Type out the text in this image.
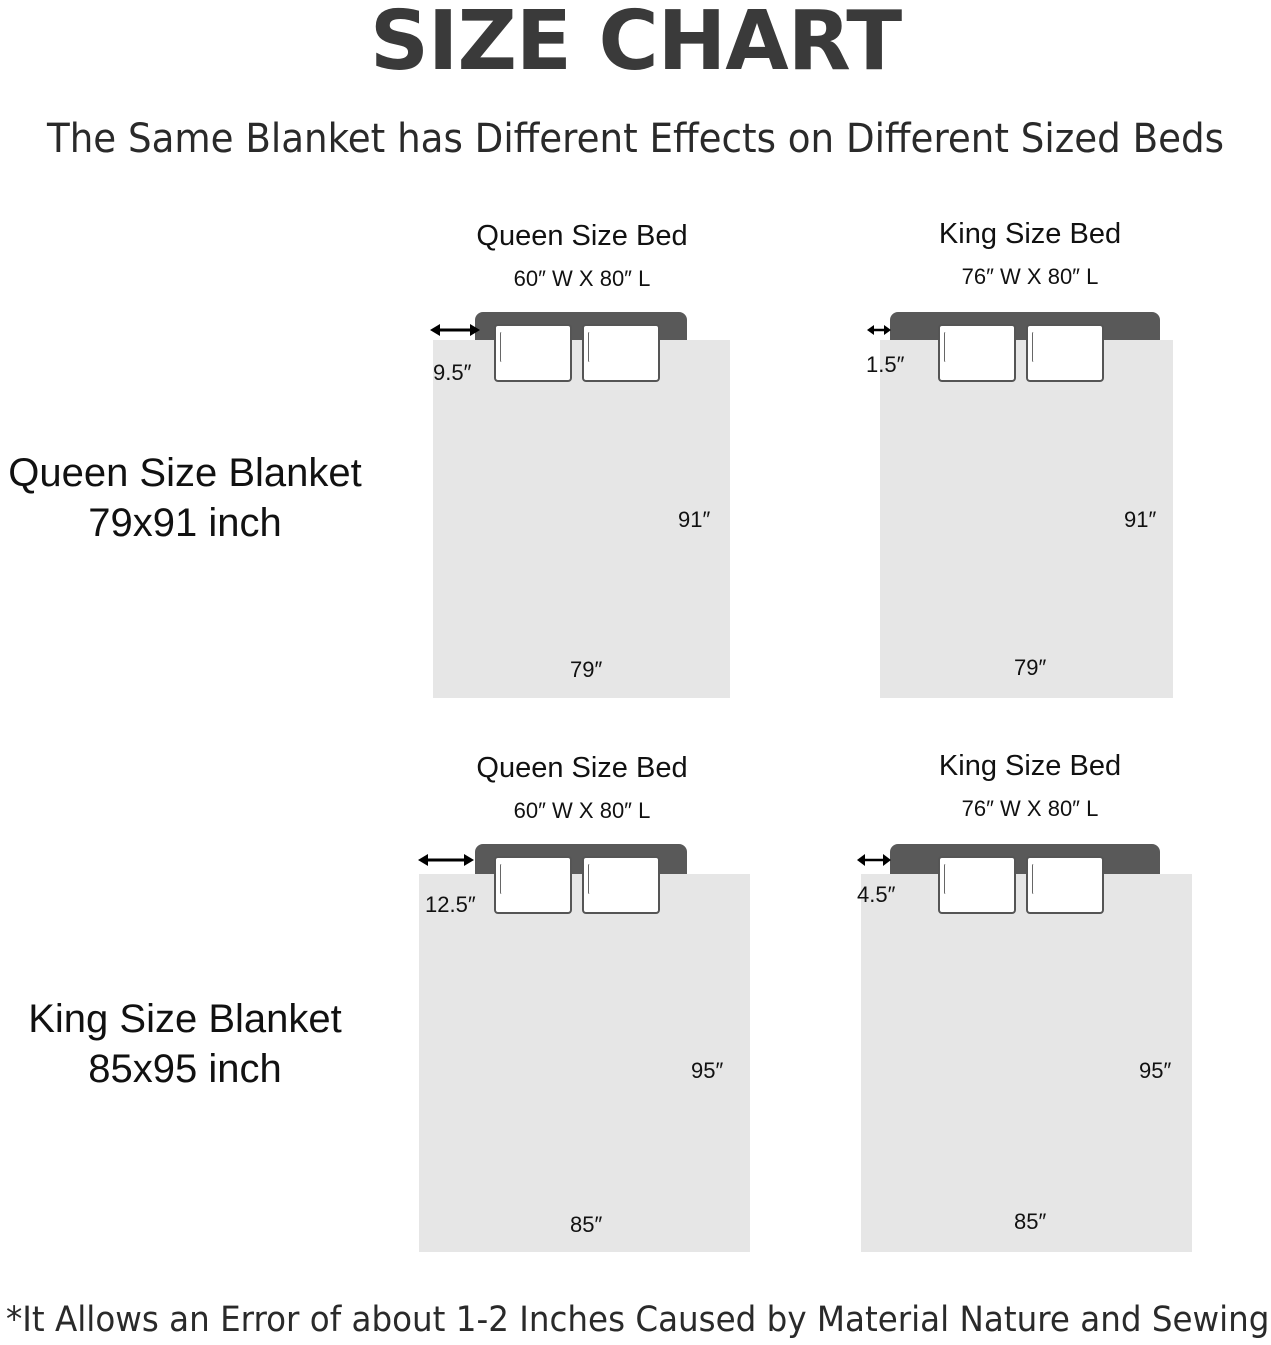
SIZE CHART
The Same Blanket has Different Effects on Different Sized Beds
Queen Size Blanket
79x91 inch
King Size Blanket
85x95 inch
Queen Size Bed
60″ W X 80″ L
9.5″
91″
79″
King Size Bed
76″ W X 80″ L
1.5″
91″
79″
Queen Size Bed
60″ W X 80″ L
12.5″
95″
85″
King Size Bed
76″ W X 80″ L
4.5″
95″
85″
*It Allows an Error of about 1-2 Inches Caused by Material Nature and Sewing
